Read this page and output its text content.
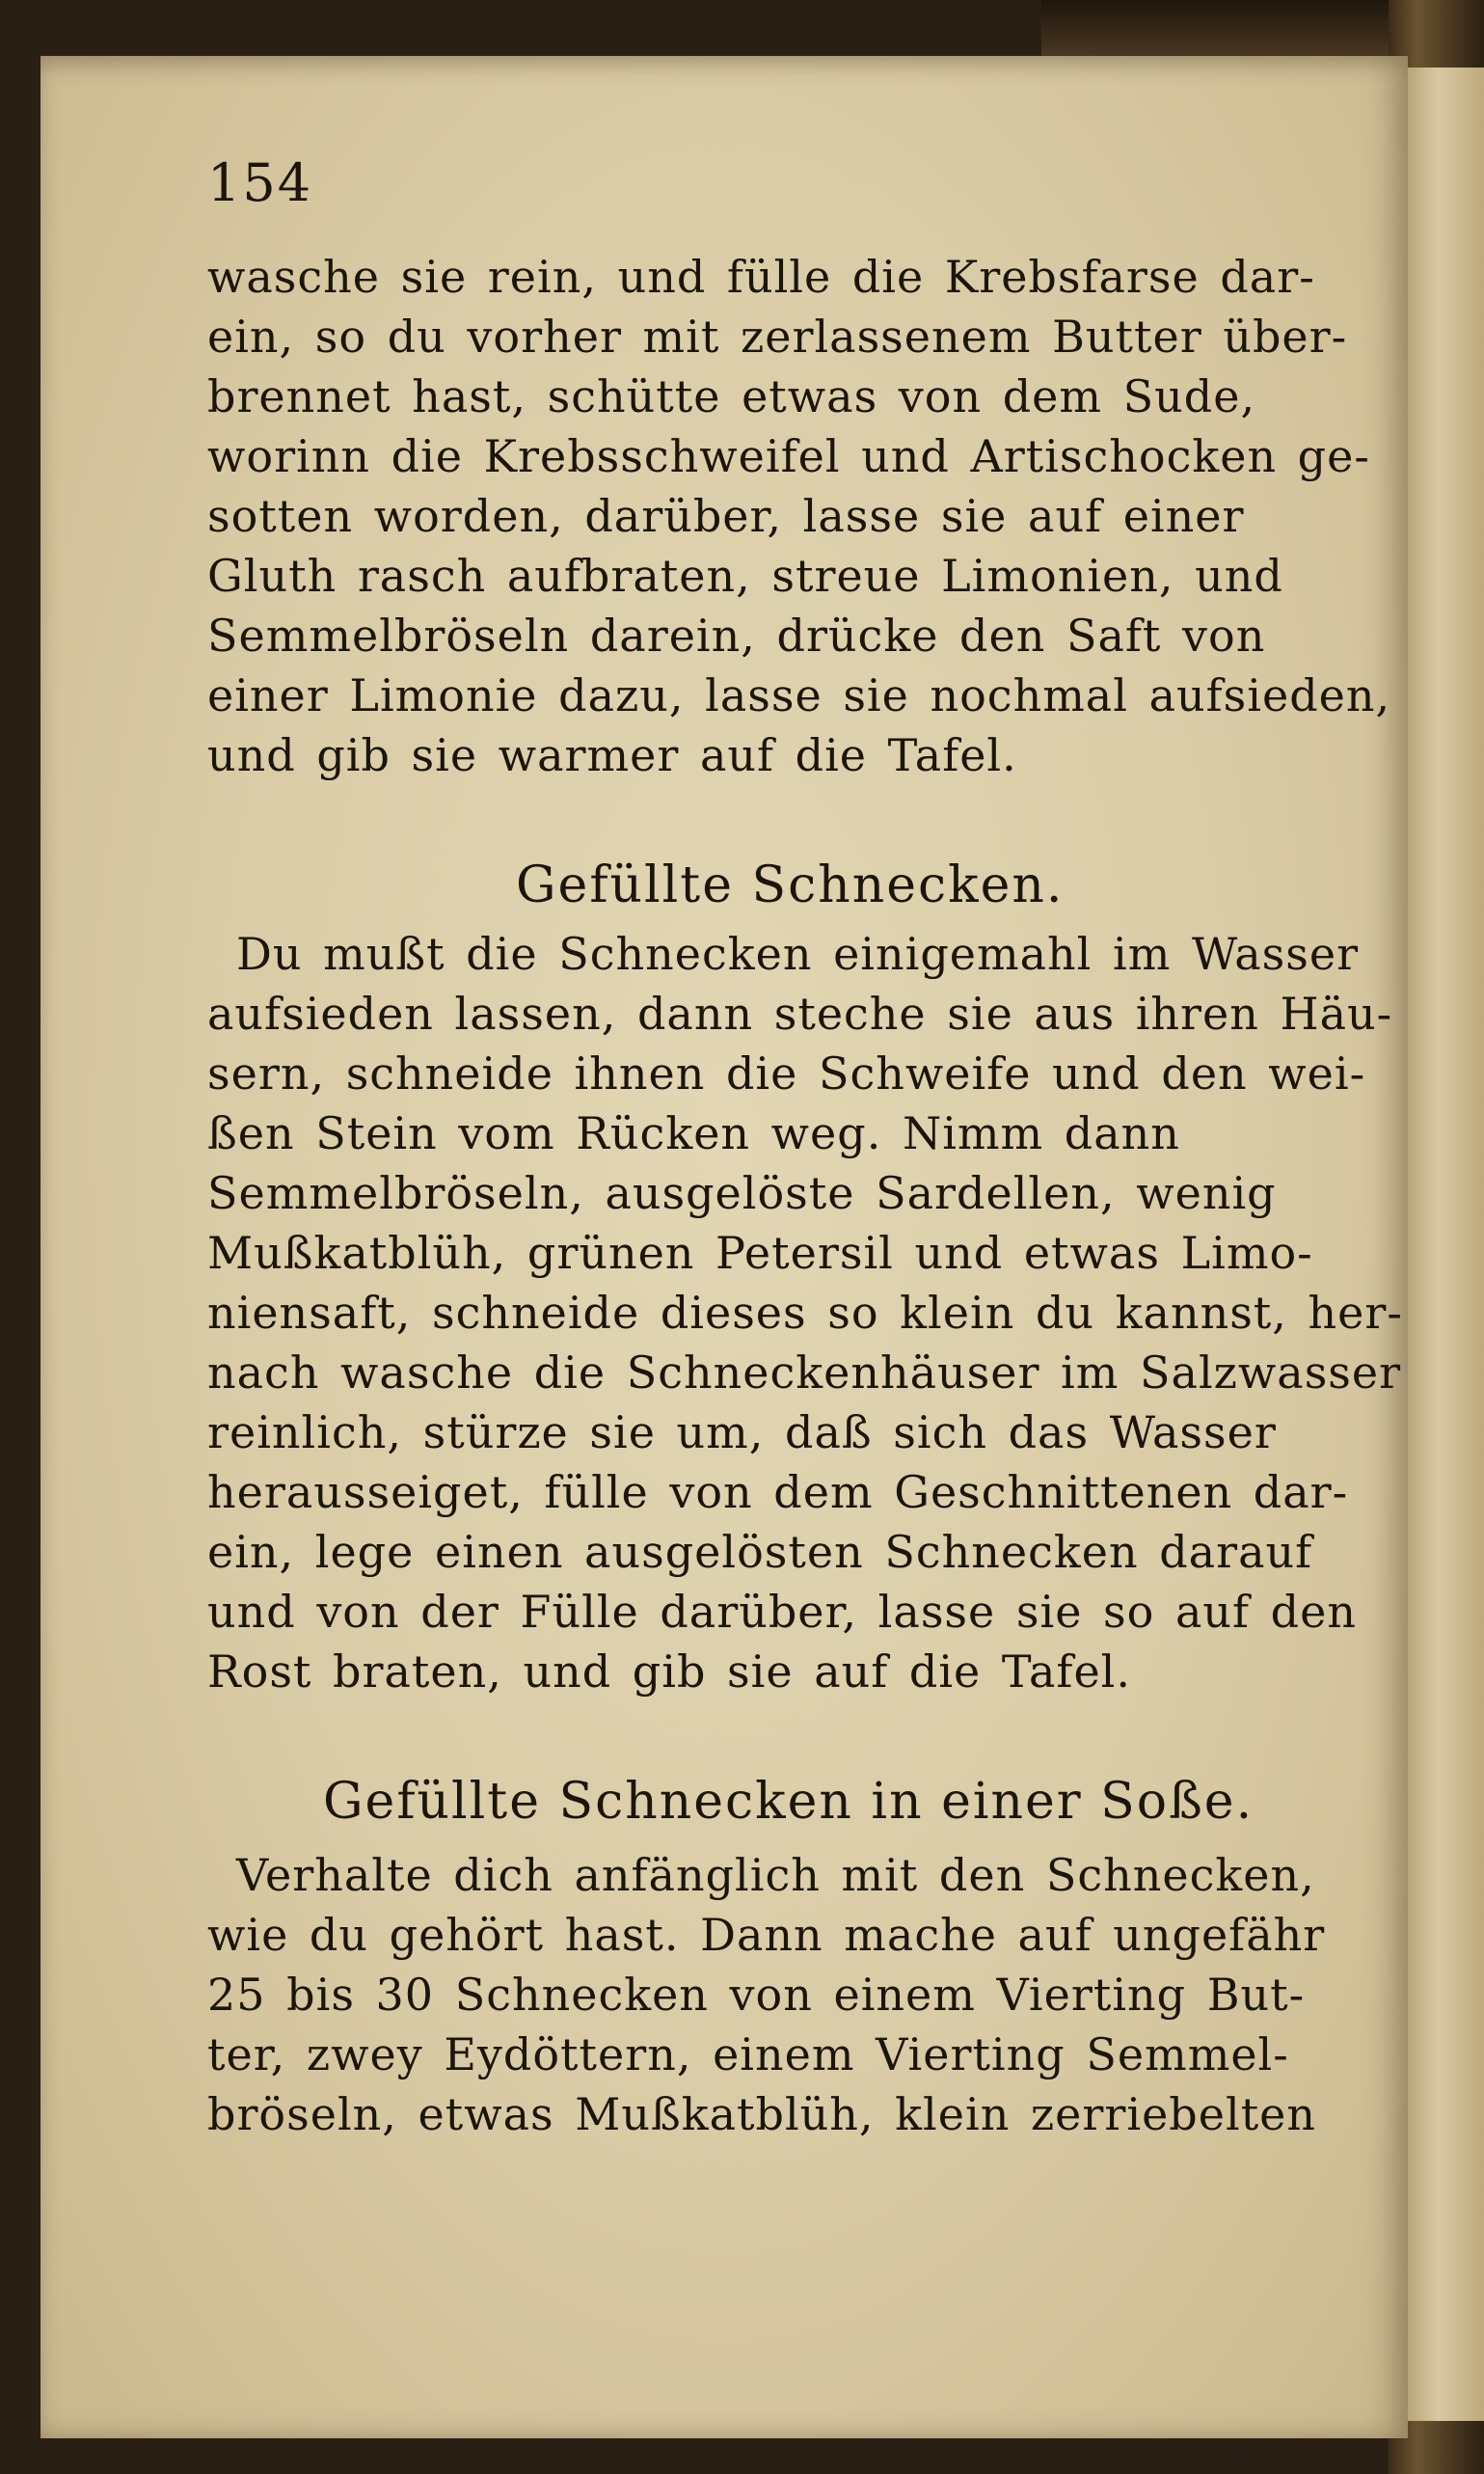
154
wasche sie rein, und fülle die Krebsfarse dar-
ein, so du vorher mit zerlassenem Butter über-
brennet hast, schütte etwas von dem Sude,
worinn die Krebsschweifel und Artischocken ge-
sotten worden, darüber, lasse sie auf einer
Gluth rasch aufbraten, streue Limonien, und
Semmelbröseln darein, drücke den Saft von
einer Limonie dazu, lasse sie nochmal aufsieden,
und gib sie warmer auf die Tafel.
Gefüllte Schnecken.
Du mußt die Schnecken einigemahl im Wasser
aufsieden lassen, dann steche sie aus ihren Häu-
sern, schneide ihnen die Schweife und den wei-
ßen Stein vom Rücken weg. Nimm dann
Semmelbröseln, ausgelöste Sardellen, wenig
Mußkatblüh, grünen Petersil und etwas Limo-
niensaft, schneide dieses so klein du kannst, her-
nach wasche die Schneckenhäuser im Salzwasser
reinlich, stürze sie um, daß sich das Wasser
herausseiget, fülle von dem Geschnittenen dar-
ein, lege einen ausgelösten Schnecken darauf
und von der Fülle darüber, lasse sie so auf den
Rost braten, und gib sie auf die Tafel.
Gefüllte Schnecken in einer Soße.
Verhalte dich anfänglich mit den Schnecken,
wie du gehört hast. Dann mache auf ungefähr
25 bis 30 Schnecken von einem Vierting But-
ter, zwey Eydöttern, einem Vierting Semmel-
bröseln, etwas Mußkatblüh, klein zerriebelten
